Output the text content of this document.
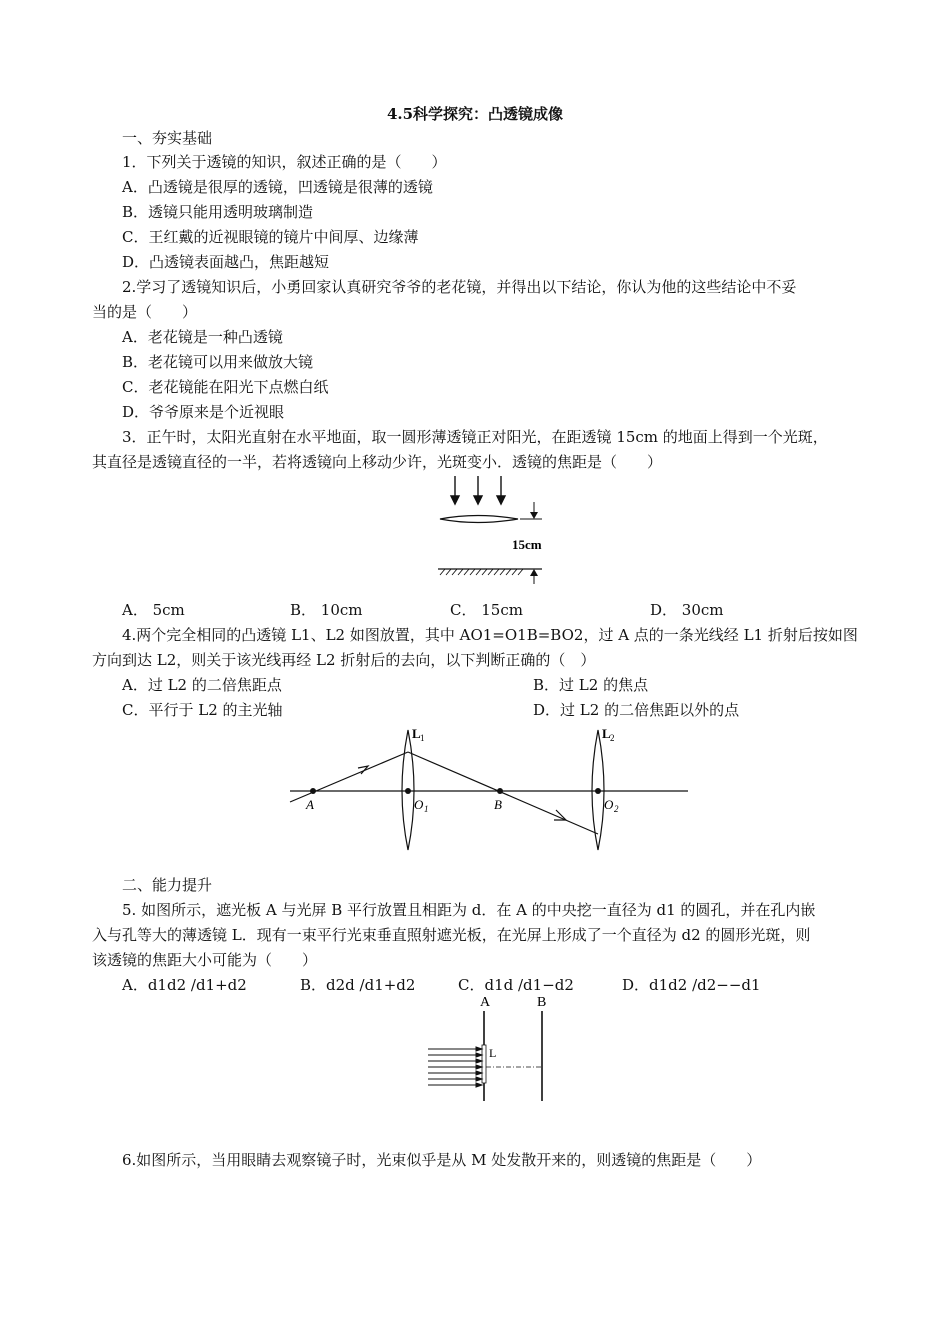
4.5科学探究：凸透镜成像
一、夯实基础
1．下列关于透镜的知识，叙述正确的是（　　）
A．凸透镜是很厚的透镜，凹透镜是很薄的透镜
B．透镜只能用透明玻璃制造
C．王红戴的近视眼镜的镜片中间厚、边缘薄
D．凸透镜表面越凸，焦距越短
2.学习了透镜知识后，小勇回家认真研究爷爷的老花镜，并得出以下结论，你认为他的这些结论中不妥
当的是（　　）
A．老花镜是一种凸透镜
B．老花镜可以用来做放大镜
C．老花镜能在阳光下点燃白纸
D．爷爷原来是个近视眼
3．正午时，太阳光直射在水平地面，取一圆形薄透镜正对阳光，在距透镜 15cm 的地面上得到一个光斑，
其直径是透镜直径的一半，若将透镜向上移动少许，光斑变小．透镜的焦距是（　　）
15cm
A． 5cm	B． 10cm	C． 15cm	D． 30cm
4.两个完全相同的凸透镜 L1、L2 如图放置，其中 AO1=O1B=BO2，过 A 点的一条光线经 L1 折射后按如图
方向到达 L2，则关于该光线再经 L2 折射后的去向，以下判断正确的（　）
A．过 L2 的二倍焦距点	B．过 L2 的焦点
C．平行于 L2 的主光轴	D．过 L2 的二倍焦距以外的点
A	O 1	B	O 2
L 1	L 2
二、能力提升
5. 如图所示，遮光板 A 与光屏 B 平行放置且相距为 d．在 A 的中央挖一直径为 d1 的圆孔，并在孔内嵌
入与孔等大的薄透镜 L．现有一束平行光束垂直照射遮光板，在光屏上形成了一个直径为 d2 的圆形光斑，则
该透镜的焦距大小可能为（　　）
A．d1d2 /d1+d2	B．d2d /d1+d2	C．d1d /d1−d2	D．d1d2 /d2−−d1
A	B
L
6.如图所示，当用眼睛去观察镜子时，光束似乎是从 M 处发散开来的，则透镜的焦距是（　　）
